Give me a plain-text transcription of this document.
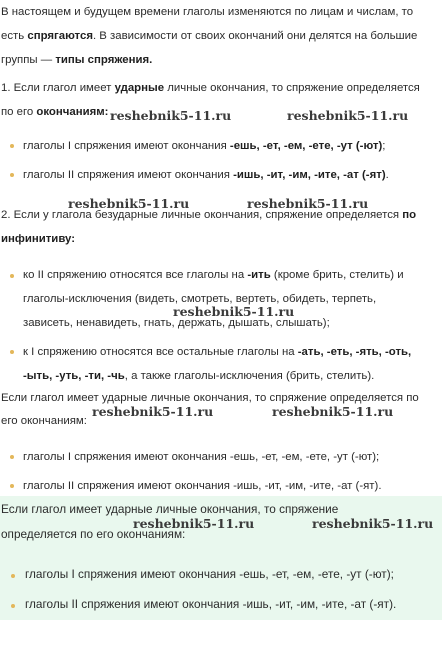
В настоящем и будущем времени глаголы изменяются по лицам и числам, то
есть спрягаются. В зависимости от своих окончаний они делятся на большие
группы — типы спряжения.
1. Если глагол имеет ударные личные окончания, то спряжение определяется
по его окончаниям:
глаголы I спряжения имеют окончания -ешь, -ет, -ем, -ете, -ут (-ют);
глаголы II спряжения имеют окончания -ишь, -ит, -им, -ите, -ат (-ят).
2. Если у глагола безударные личные окончания, спряжение определяется по
инфинитиву:
ко II спряжению относятся все глаголы на -ить (кроме брить, стелить) и
глаголы-исключения (видеть, смотреть, вертеть, обидеть, терпеть,
зависеть, ненавидеть, гнать, держать, дышать, слышать);
к I спряжению относятся все остальные глаголы на -ать, -еть, -ять, -оть,
-ыть, -уть, -ти, -чь, а также глаголы-исключения (брить, стелить).
Если глагол имеет ударные личные окончания, то спряжение определяется по
его окончаниям:
глаголы I спряжения имеют окончания -ешь, -ет, -ем, -ете, -ут (-ют);
глаголы II спряжения имеют окончания -ишь, -ит, -им, -ите, -ат (-ят).
Если глагол имеет ударные личные окончания, то спряжение
определяется по его окончаниям:
глаголы I спряжения имеют окончания -ешь, -ет, -ем, -ете, -ут (-ют);
глаголы II спряжения имеют окончания -ишь, -ит, -им, -ите, -ат (-ят).
reshebnik5-11.ru	reshebnik5-11.ru
reshebnik5-11.ru	reshebnik5-11.ru
reshebnik5-11.ru
reshebnik5-11.ru	reshebnik5-11.ru
reshebnik5-11.ru	reshebnik5-11.ru
